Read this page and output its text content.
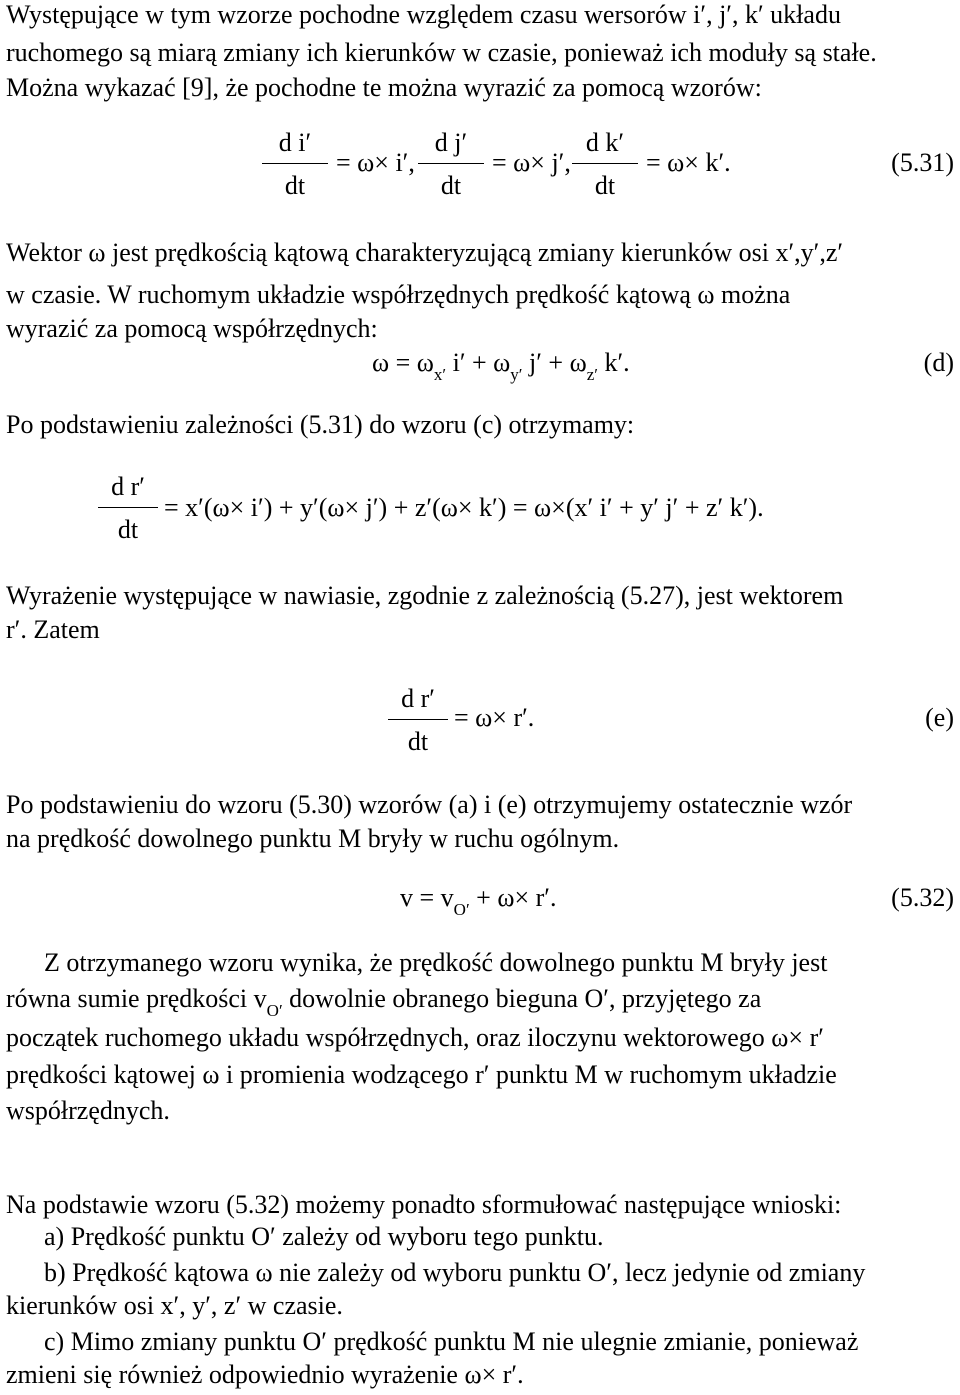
Występujące w tym wzorze pochodne względem czasu wersorów i′, j′, k′ układu
ruchomego są miarą zmiany ich kierunków w czasie, ponieważ ich moduły są stałe.
Można wykazać [9], że pochodne te można wyrazić za pomocą wzorów:
d i′
dt
= ω× i′,
d j′
dt
= ω× j′,
d k′
dt
= ω× k′.	(5.31)
Wektor ω jest prędkością kątową charakteryzującą zmiany kierunków osi x′,y′,z′
w czasie. W ruchomym układzie współrzędnych prędkość kątową ω można
wyrazić za pomocą współrzędnych:
$\omega = \omega_{x'}$ $i' + \omega_{y'}$ $j' + \omega_{z'}$ k′.	(d)
Po podstawieniu zależności (5.31) do wzoru (c) otrzymamy:
d r′
dt
= x′(ω× i′) + y′(ω× j′) + z′(ω× k′) = ω×(x′ i′ + y′ j′ + z′ k′).
Wyrażenie występujące w nawiasie, zgodnie z zależnością (5.27), jest wektorem
r′. Zatem
d r′
dt
= ω× r′.	(e)
Po podstawieniu do wzoru (5.30) wzorów (a) i (e) otrzymujemy ostatecznie wzór
na prędkość dowolnego punktu M bryły w ruchu ogólnym.
$v = v_{O'} + \omega\times r'$.	(5.32)
Z otrzymanego wzoru wynika, że prędkość dowolnego punktu M bryły jest
równa sumie prędkości $v_{O'}$ dowolnie obranego bieguna O′, przyjętego za
początek ruchomego układu współrzędnych, oraz iloczynu wektorowego ω× r′
prędkości kątowej ω i promienia wodzącego r′ punktu M w ruchomym układzie
współrzędnych.
Na podstawie wzoru (5.32) możemy ponadto sformułować następujące wnioski:
a) Prędkość punktu O′ zależy od wyboru tego punktu.
b) Prędkość kątowa ω nie zależy od wyboru punktu O′, lecz jedynie od zmiany
kierunków osi x′, y′, z′ w czasie.
c) Mimo zmiany punktu O′ prędkość punktu M nie ulegnie zmianie, ponieważ
zmieni się również odpowiednio wyrażenie ω× r′.
